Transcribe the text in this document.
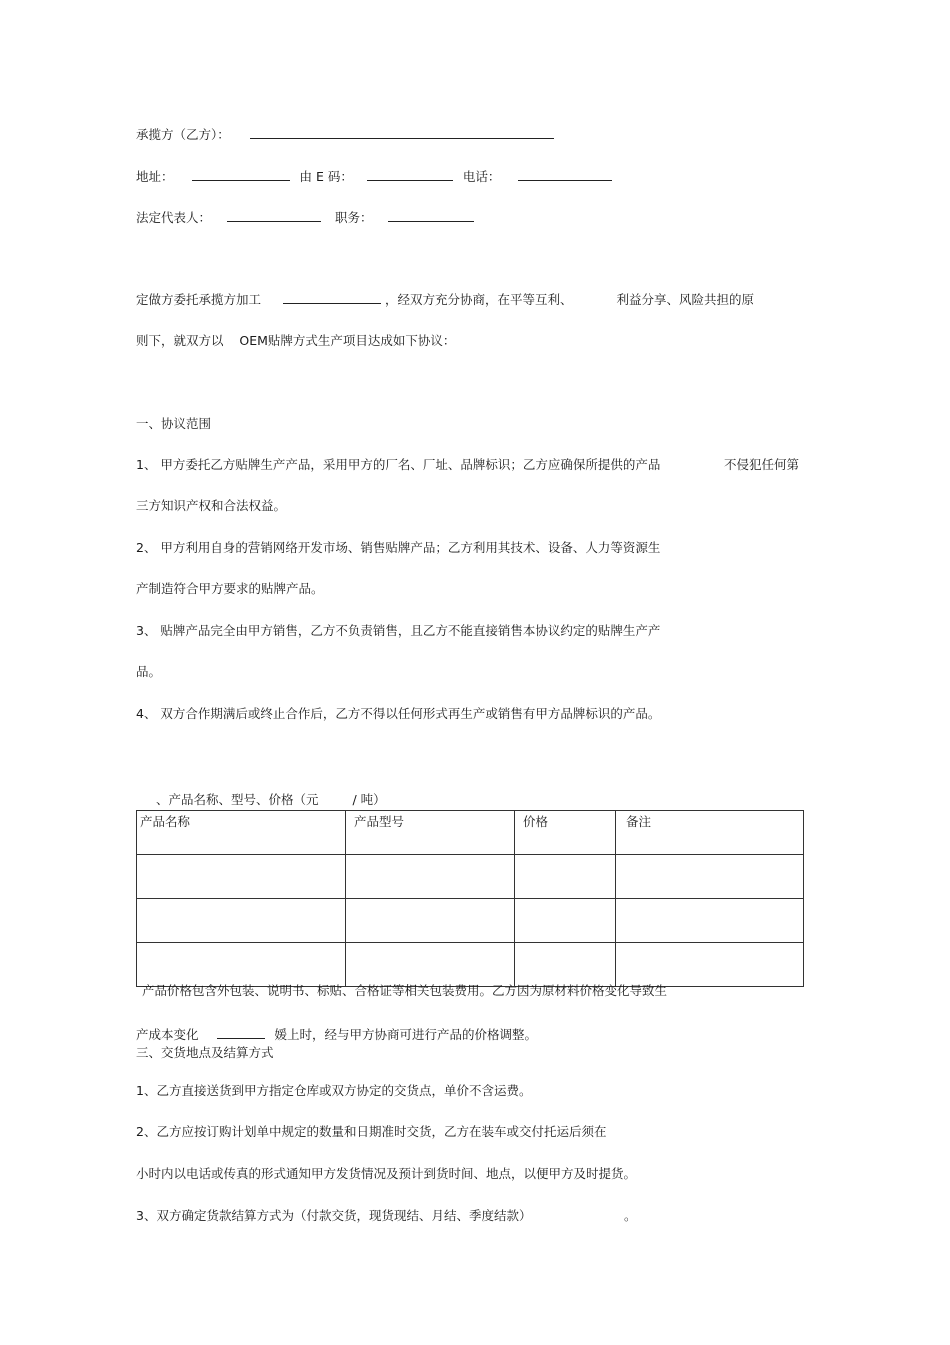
承揽方（乙方）：
地址：	由 E 码：	电话：
法定代表人：	职务：
定做方委托承揽方加工	，经双方充分协商，在平等互利、	利益分享、风险共担的原
则下，就双方以    OEM贴牌方式生产项目达成如下协议：
一、协议范围
1、 甲方委托乙方贴牌生产产品，采用甲方的厂名、厂址、品牌标识；乙方应确保所提供的产品	不侵犯任何第
三方知识产权和合法权益。
2、 甲方利用自身的营销网络开发市场、销售贴牌产品；乙方利用其技术、设备、人力等资源生
产制造符合甲方要求的贴牌产品。
3、 贴牌产品完全由甲方销售，乙方不负责销售，且乙方不能直接销售本协议约定的贴牌生产产
品。
4、 双方合作期满后或终止合作后，乙方不得以任何形式再生产或销售有甲方品牌标识的产品。
、产品名称、型号、价格（元	/ 吨）
产品名称	产品型号	价格	备注

产品价格包含外包装、说明书、标贴、合格证等相关包装费用。乙方因为原材料价格变化导致生
产成本变化	媛上时，经与甲方协商可进行产品的价格调整。
三、交货地点及结算方式
1、乙方直接送货到甲方指定仓库或双方协定的交货点，单价不含运费。
2、乙方应按订购计划单中规定的数量和日期准时交货，乙方在装车或交付托运后须在
小时内以电话或传真的形式通知甲方发货情况及预计到货时间、地点，以便甲方及时提货。
3、双方确定货款结算方式为（付款交货，现货现结、月结、季度结款）	。
